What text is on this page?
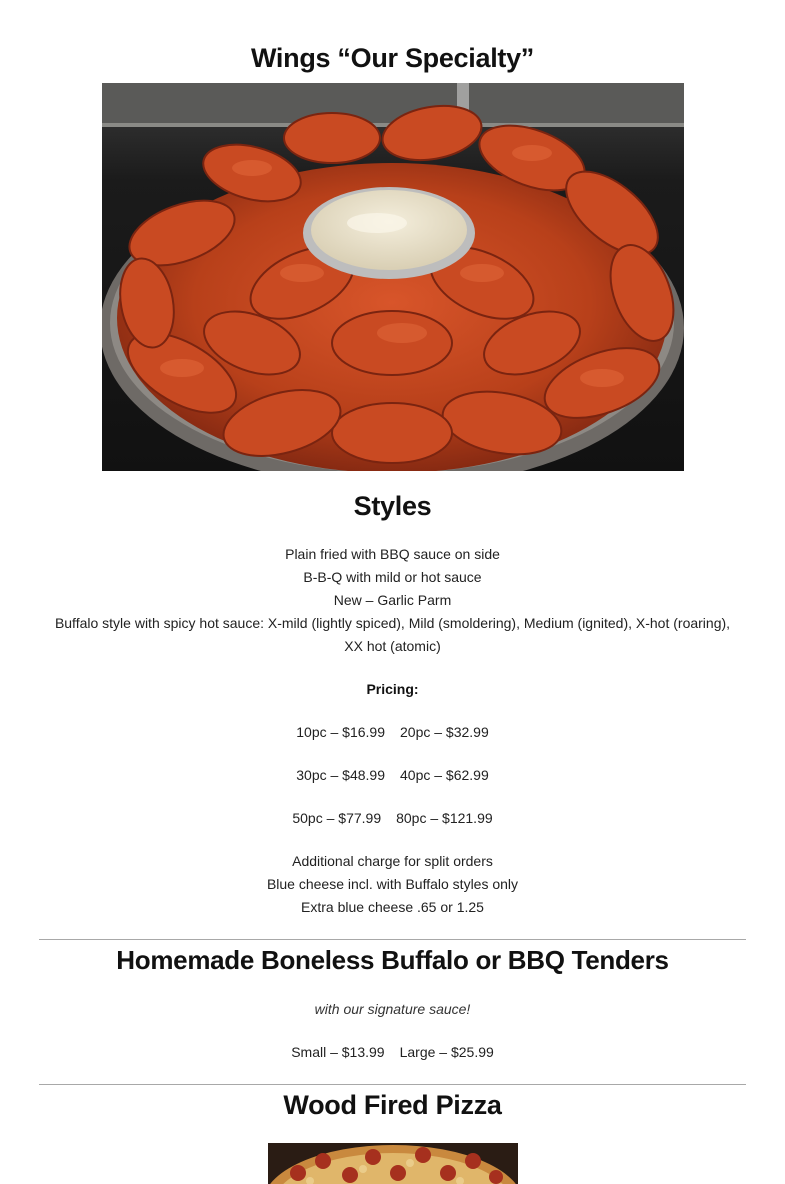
Wings “Our Specialty”
Styles

Plain fried with BBQ sauce on side

B-B-Q with mild or hot sauce

New – Garlic Parm

Buffalo style with spicy hot sauce: X-mild (lightly spiced), Mild (smoldering), Medium (ignited), X-hot (roaring),

XX hot (atomic)

Pricing:
10pc – $16.99 20pc – $32.99
30pc – $48.99 40pc – $62.99
50pc – $77.99 80pc – $121.99

Additional charge for split orders

Blue cheese incl. with Buffalo styles only

Extra blue cheese .65 or 1.25

Homemade Boneless Buffalo or BBQ Tenders
with our signature sauce!
Small – $13.99 Large – $25.99
Wood Fired Pizza
